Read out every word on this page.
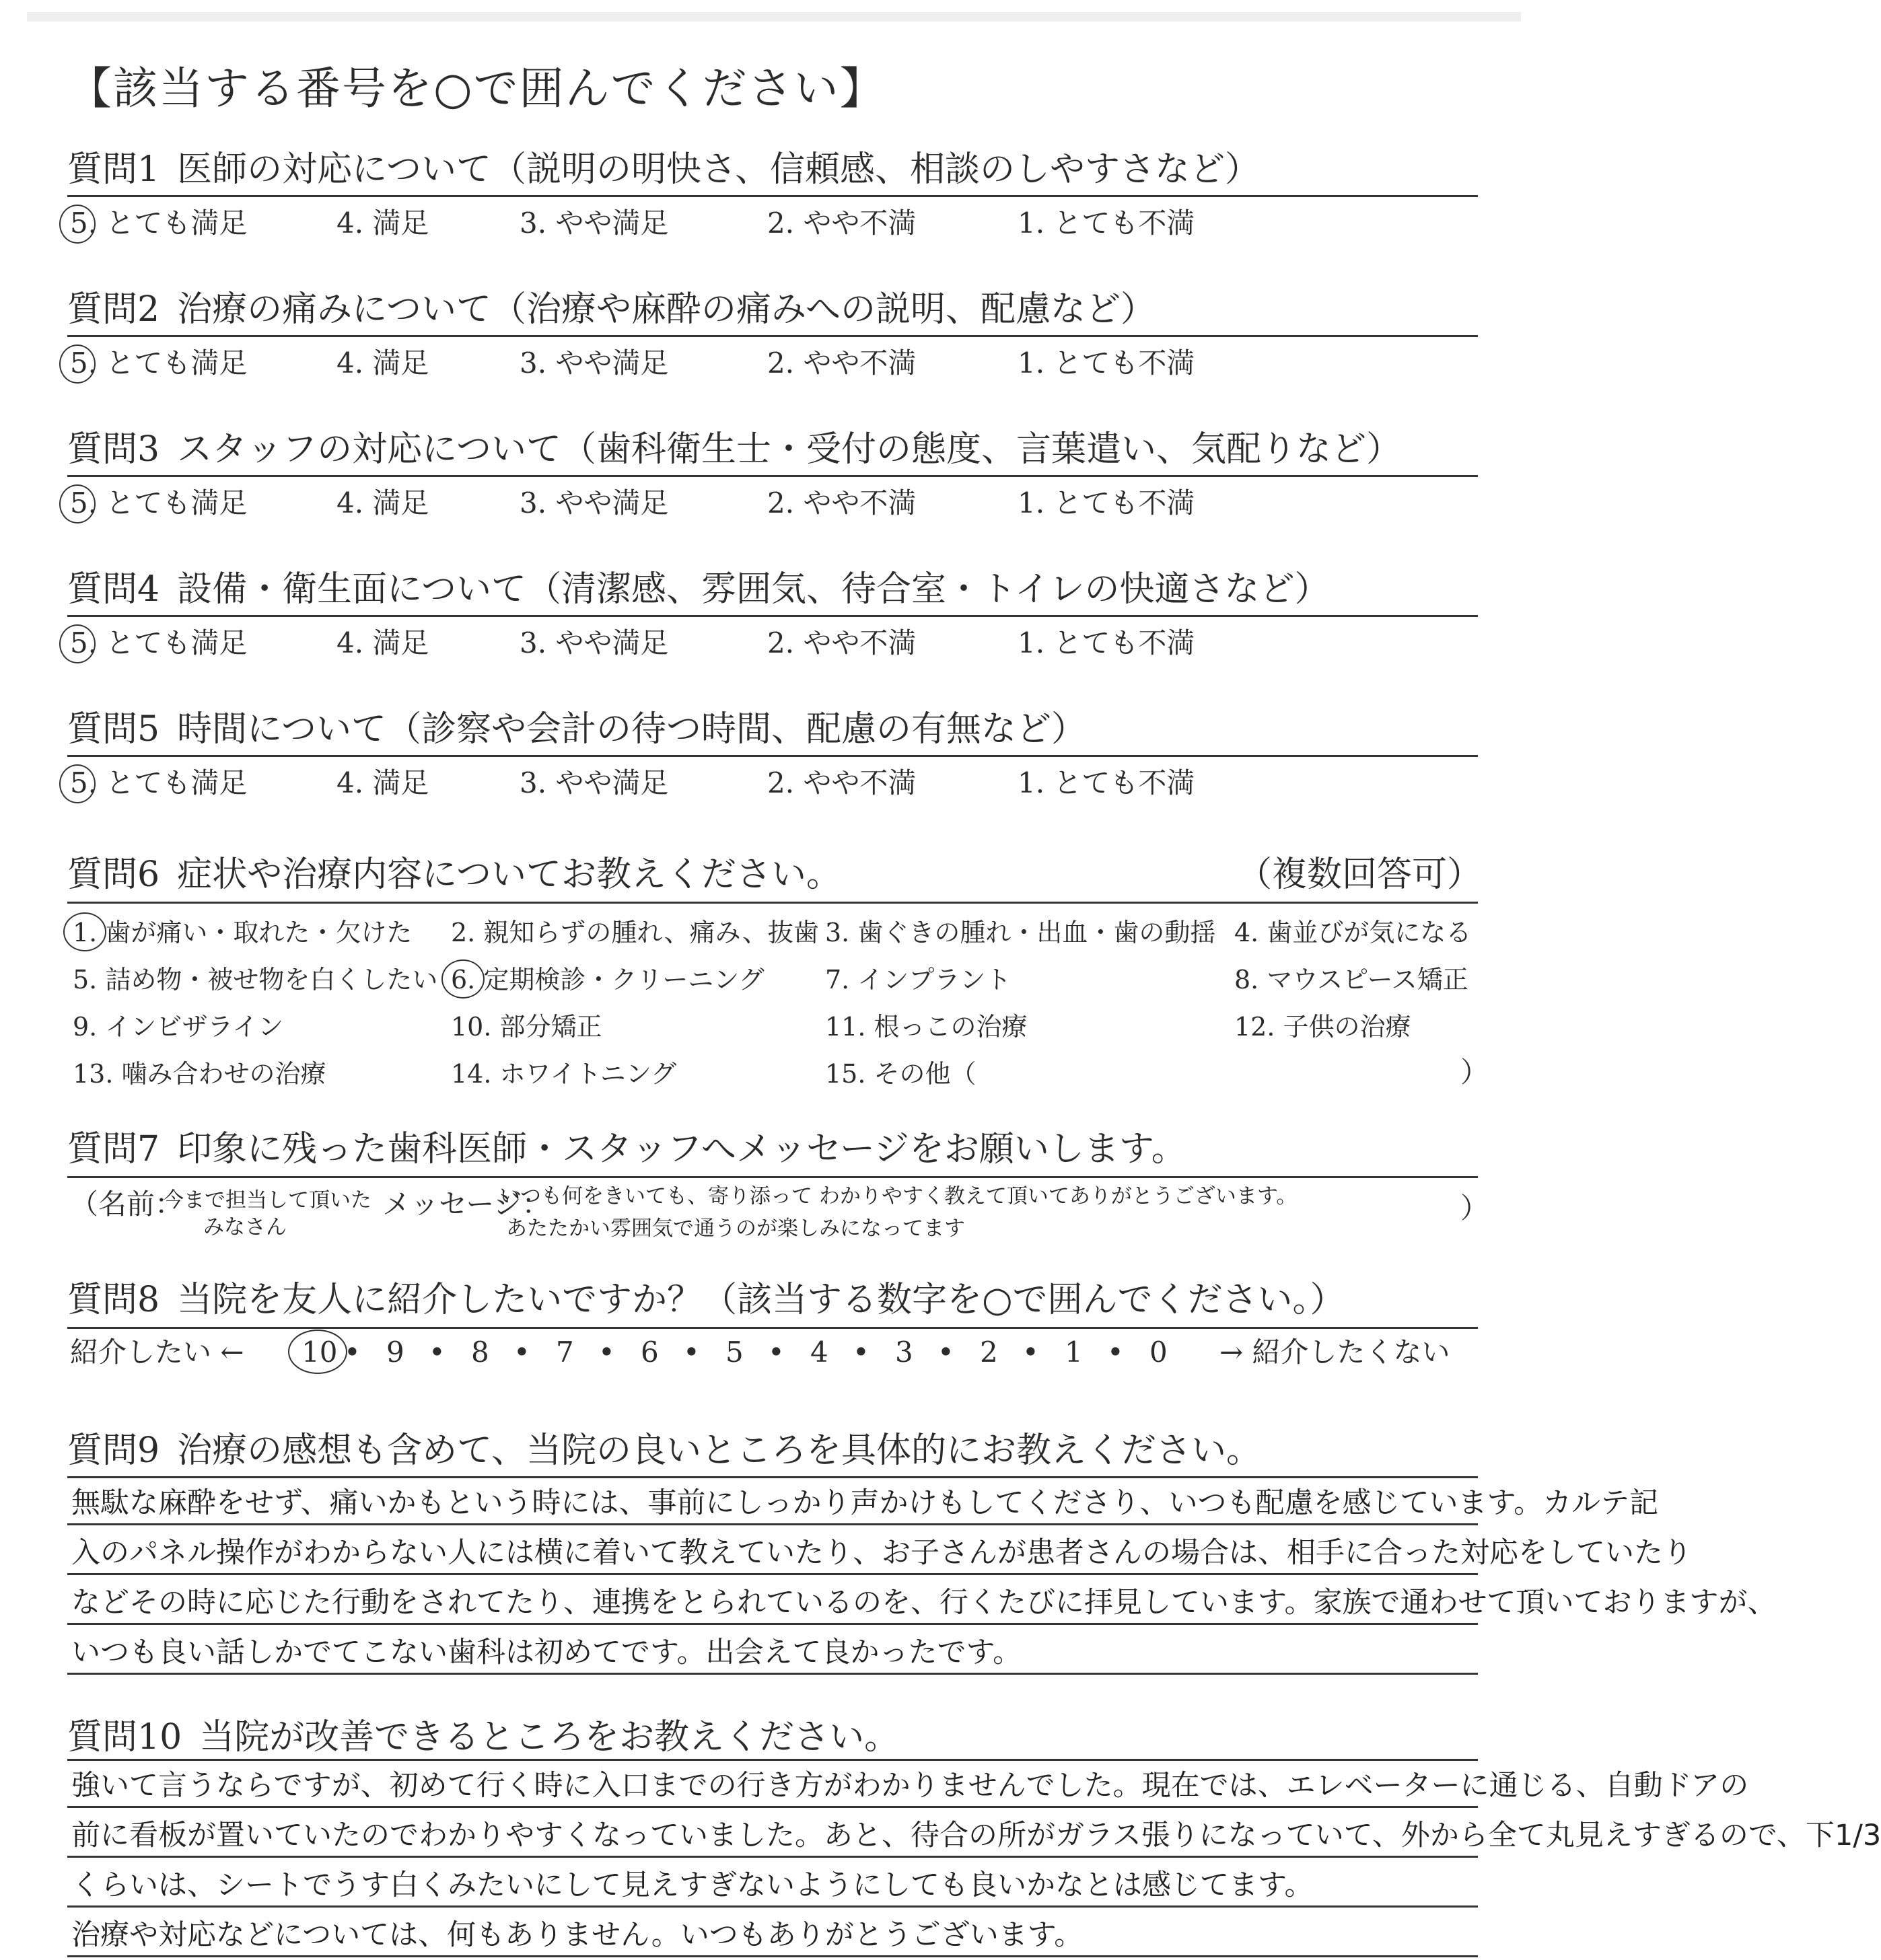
【該当する番号を○で囲んでください】
質問1 医師の対応について（説明の明快さ、信頼感、相談のしやすさなど）
5. とても満足	4. 満足	3. やや満足	2. やや不満	1. とても不満
質問2 治療の痛みについて（治療や麻酔の痛みへの説明、配慮など）
5. とても満足	4. 満足	3. やや満足	2. やや不満	1. とても不満
質問3 スタッフの対応について（歯科衛生士・受付の態度、言葉遣い、気配りなど）
5. とても満足	4. 満足	3. やや満足	2. やや不満	1. とても不満
質問4 設備・衛生面について（清潔感、雰囲気、待合室・トイレの快適さなど）
5. とても満足	4. 満足	3. やや満足	2. やや不満	1. とても不満
質問5 時間について（診察や会計の待つ時間、配慮の有無など）
5. とても満足	4. 満足	3. やや満足	2. やや不満	1. とても不満
質問6 症状や治療内容についてお教えください。	（複数回答可）
1. 歯が痛い・取れた・欠けた 2. 親知らずの腫れ、痛み、抜歯 3. 歯ぐきの腫れ・出血・歯の動揺 4. 歯並びが気になる
5. 詰め物・被せ物を白くしたい 6. 定期検診・クリーニング 7. インプラント	8. マウスピース矯正
9. インビザライン	10. 部分矯正	11. 根っこの治療	12. 子供の治療
13. 噛み合わせの治療	14. ホワイトニング	15. その他（	）
質問7 印象に残った歯科医師・スタッフへメッセージをお願いします。
（名前：
今まで担当して頂いた
みなさん
メッセージ：
いつも何をきいても、寄り添って わかりやすく教えて頂いてありがとうございます。
あたたかい雰囲気で通うのが楽しみになってます
）
質問8 当院を友人に紹介したいですか？（該当する数字を○で囲んでください。）
紹介したい ← 10 • 9 • 8 • 7 • 6 • 5 • 4 • 3 • 2 • 1 • 0 → 紹介したくない
質問9 治療の感想も含めて、当院の良いところを具体的にお教えください。
無駄な麻酔をせず、痛いかもという時には、事前にしっかり声かけもしてくださり、いつも配慮を感じています。カルテ記
入のパネル操作がわからない人には横に着いて教えていたり、お子さんが患者さんの場合は、相手に合った対応をしていたり
などその時に応じた行動をされてたり、連携をとられているのを、行くたびに拝見しています。家族で通わせて頂いておりますが、
いつも良い話しかでてこない歯科は初めてです。出会えて良かったです。
質問10 当院が改善できるところをお教えください。
強いて言うならですが、初めて行く時に入口までの行き方がわかりませんでした。現在では、エレベーターに通じる、自動ドアの
前に看板が置いていたのでわかりやすくなっていました。あと、待合の所がガラス張りになっていて、外から全て丸見えすぎるので、下1/3
くらいは、シートでうす白くみたいにして見えすぎないようにしても良いかなとは感じてます。
治療や対応などについては、何もありません。いつもありがとうございます。
